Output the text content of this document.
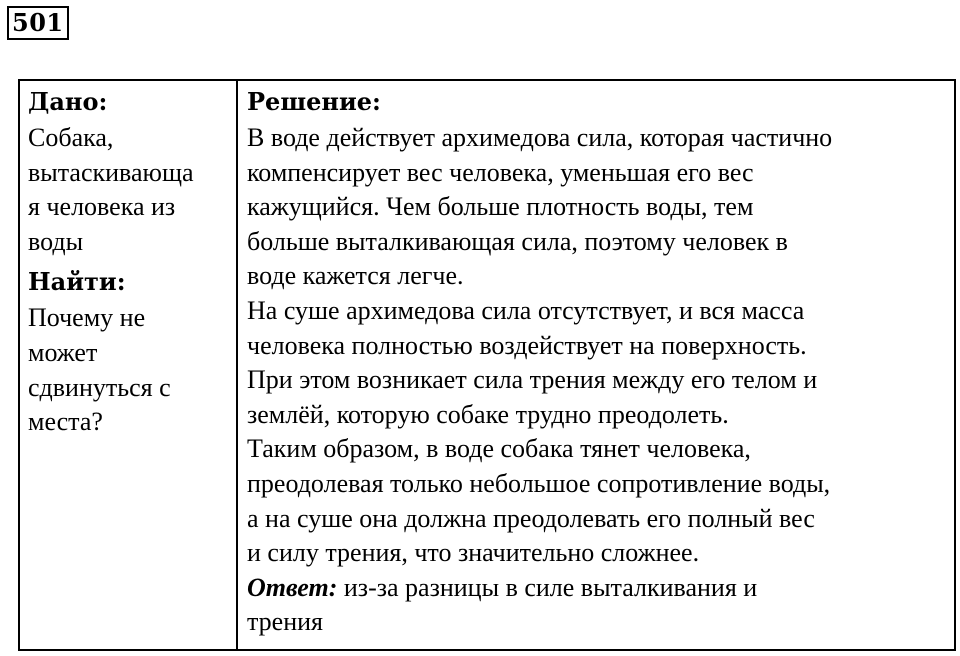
501
Дано:
Собака,
вытаскивающа
я человека из
воды
Найти:
Почему не
может
сдвинуться с
места?
Решение:
В воде действует архимедова сила, которая частично
компенсирует вес человека, уменьшая его вес
кажущийся. Чем больше плотность воды, тем
больше выталкивающая сила, поэтому человек в
воде кажется легче.
На суше архимедова сила отсутствует, и вся масса
человека полностью воздействует на поверхность.
При этом возникает сила трения между его телом и
землёй, которую собаке трудно преодолеть.
Таким образом, в воде собака тянет человека,
преодолевая только небольшое сопротивление воды,
а на суше она должна преодолевать его полный вес
и силу трения, что значительно сложнее.
Ответ: из-за разницы в силе выталкивания и
трения
